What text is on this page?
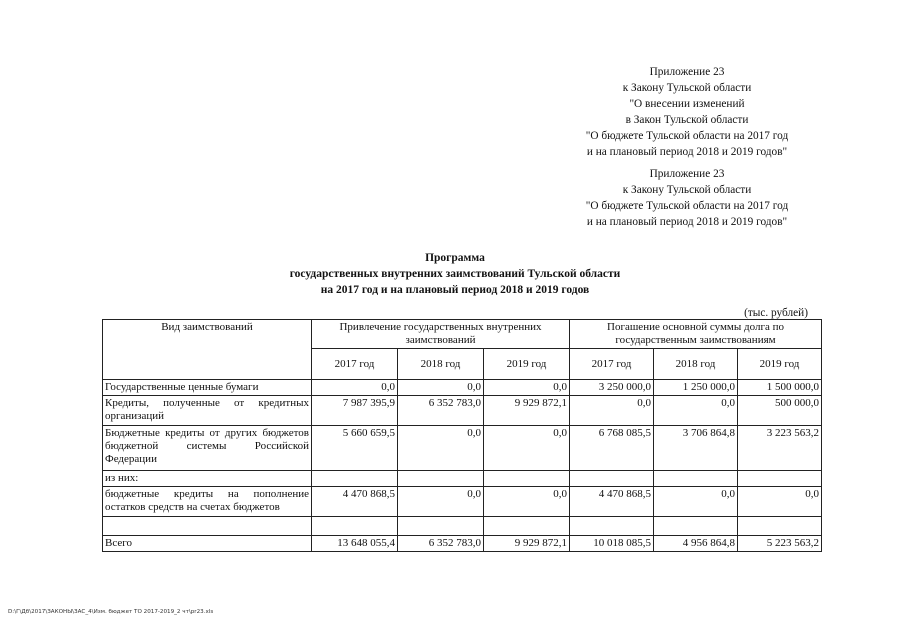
Приложение 23
к Закону Тульской области
"О внесении изменений
в Закон Тульской области
"О бюджете Тульской области на 2017 год
и на плановый период 2018 и 2019 годов"
Приложение 23
к Закону Тульской области
"О бюджете Тульской области на 2017 год
и на плановый период 2018 и 2019 годов"
Программа
государственных внутренних заимствований Тульской области
на 2017 год и на плановый период 2018 и 2019 годов
(тыс. рублей)
Вид заимствований	Привлечение государственных внутренних заимствований			Погашение основной суммы долга по государственным заимствованиям		
	2017 год	2018 год	2019 год	2017 год	2018 год	2019 год
Государственные ценные бумаги	0,0	0,0	0,0	3 250 000,0	1 250 000,0	1 500 000,0
Кредиты, полученные от кредитных организаций	7 987 395,9	6 352 783,0	9 929 872,1	0,0	0,0	500 000,0
Бюджетные кредиты от других бюджетов бюджетной системы Российской Федерации	5 660 659,5	0,0	0,0	6 768 085,5	3 706 864,8	3 223 563,2
из них:						
бюджетные кредиты на пополнение остатков средств на счетах бюджетов	4 470 868,5	0,0	0,0	4 470 868,5	0,0	0,0

Всего	13 648 055,4	6 352 783,0	9 929 872,1	10 018 085,5	4 956 864,8	5 223 563,2
D:\Г\Дб\2017\ЗАКОНЫ\ЗАС_4\Изм. бюджет ТО 2017-2019_2 чт\pr23.xls
